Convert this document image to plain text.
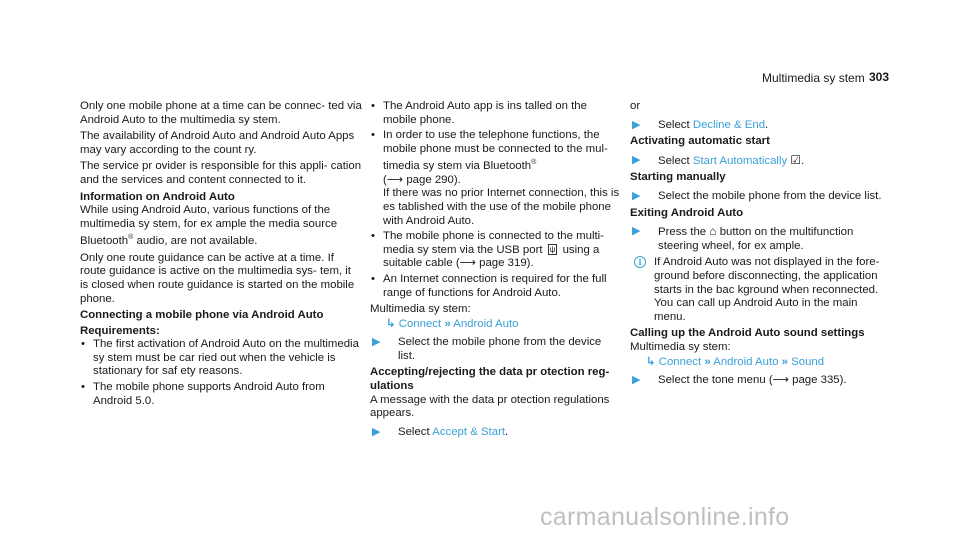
Multimedia sy stem 303

Only one mobile phone at a time can be connec- ted via Android Auto to the multimedia sy stem.

The availability of Android Auto and Android Auto Apps may vary according to the count ry.

The service pr ovider is responsible for this appli- cation and the services and content connected to it.

Information on Android Auto

While using Android Auto, various functions of the multimedia sy stem, for ex ample the media source Bluetooth® audio, are not available.

Only one route guidance can be active at a time. If route guidance is active on the multimedia sys- tem, it is closed when route guidance is started on the mobile phone.

Connecting a mobile phone via Android Auto
Requirements:
• The first activation of Android Auto on the multimedia sy stem must be car ried out when the vehicle is stationary for saf ety reasons.
• The mobile phone supports Android Auto from Android 5.0.
• The Android Auto app is ins talled on the mobile phone.
• In order to use the telephone functions, the mobile phone must be connected to the mul- timedia sy stem via Bluetooth®
(⟶ page 290).
If there was no prior Internet connection, this is es tablished with the use of the mobile phone with Android Auto.
• The mobile phone is connected to the multi- media sy stem via the USB port ψ using a suitable cable (⟶ page 319).
• An Internet connection is required for the full range of functions for Android Auto.

Multimedia sy stem:

↳ Connect » Android Auto
▶ Select the mobile phone from the device list.
Accepting/rejecting the data pr otection reg- ulations

A message with the data pr otection regulations appears.

▶ Select Accept & Start.

or

▶ Select Decline & End.
Activating automatic start
▶ Select Start Automatically ☑.
Starting manually
▶ Select the mobile phone from the device list.
Exiting Android Auto
▶ Press the ⌂ button on the multifunction steering wheel, for ex ample.
i	If Android Auto was not displayed in the fore- ground before disconnecting, the application starts in the bac kground when reconnected. You can call up Android Auto in the main menu.
Calling up the Android Auto sound settings

Multimedia sy stem:

↳ Connect » Android Auto » Sound
▶ Select the tone menu (⟶ page 335).
carmanualsonline.info
